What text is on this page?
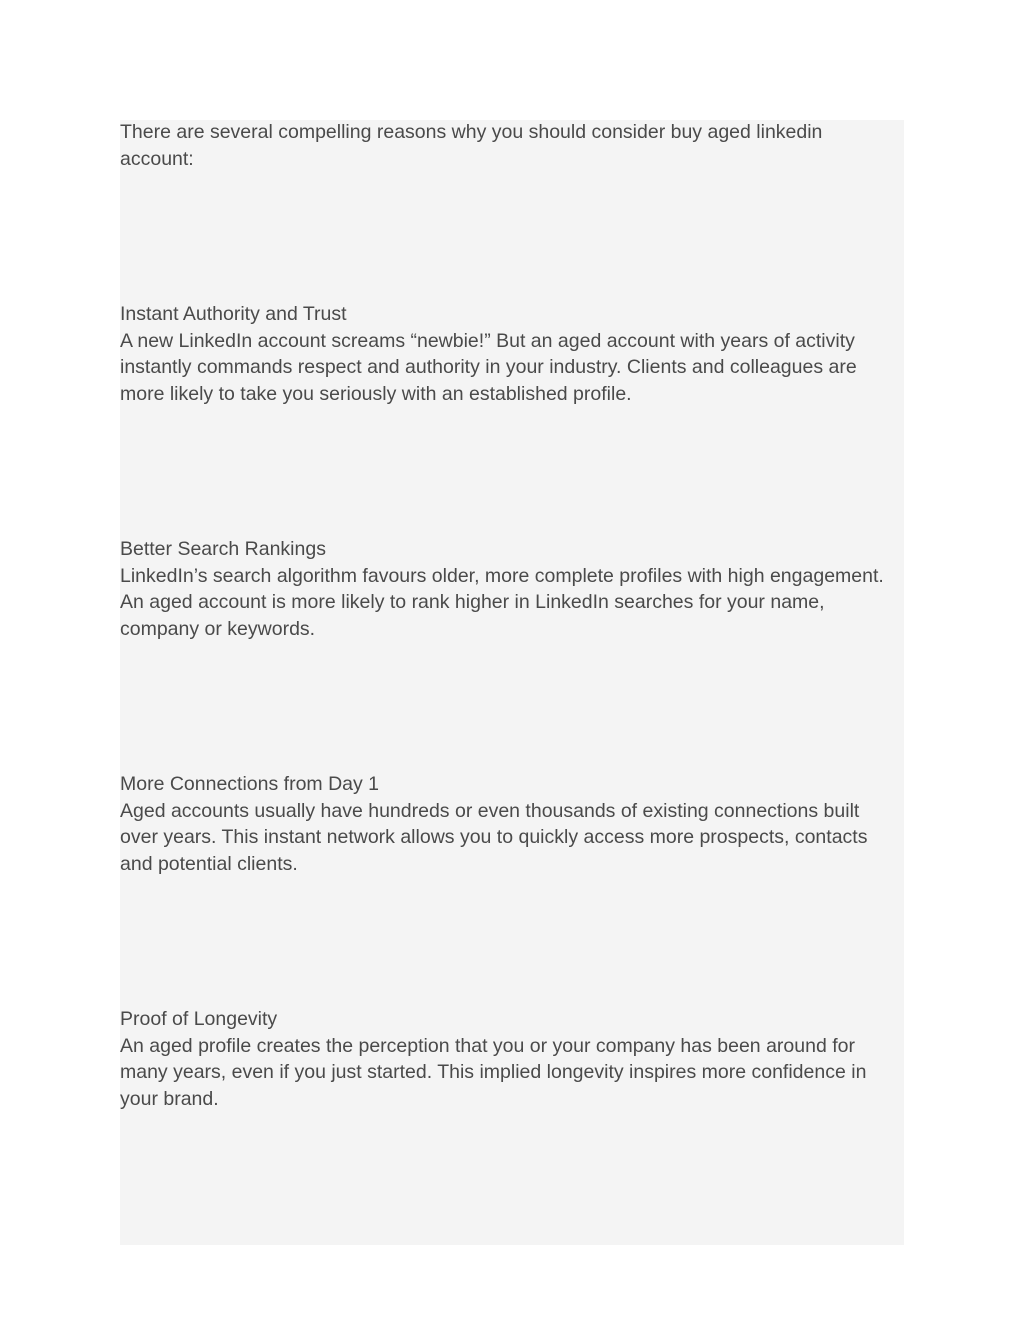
There are several compelling reasons why you should consider buy aged linkedin account:

Instant Authority and Trust

A new LinkedIn account screams “newbie!” But an aged account with years of activity instantly commands respect and authority in your industry. Clients and colleagues are more likely to take you seriously with an established profile.

Better Search Rankings

LinkedIn’s search algorithm favours older, more complete profiles with high engagement. An aged account is more likely to rank higher in LinkedIn searches for your name, company or keywords.

More Connections from Day 1

Aged accounts usually have hundreds or even thousands of existing connections built over years. This instant network allows you to quickly access more prospects, contacts and potential clients.

Proof of Longevity

An aged profile creates the perception that you or your company has been around for many years, even if you just started. This implied longevity inspires more confidence in your brand.
